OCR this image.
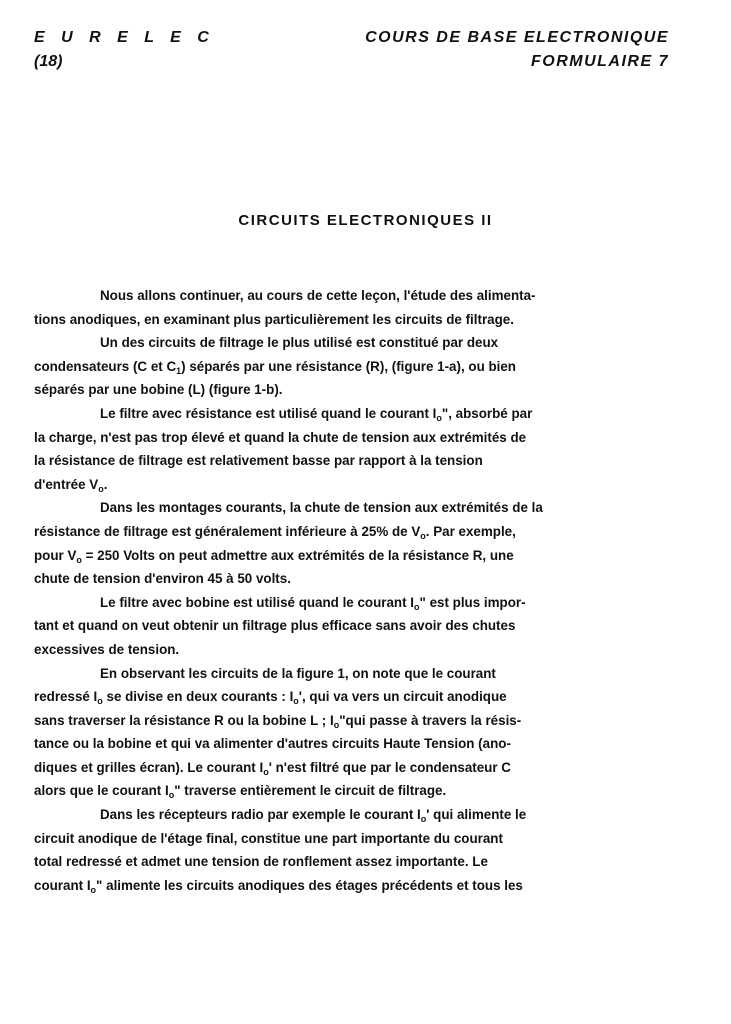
E U R E L E C
(18)
COURS DE BASE ELECTRONIQUE
FORMULAIRE 7
CIRCUITS ELECTRONIQUES II
Nous allons continuer, au cours de cette leçon, l'étude des alimenta-
tions anodiques, en examinant plus particulièrement les circuits de filtrage.
Un des circuits de filtrage le plus utilisé est constitué par deux
condensateurs (C et $C_1$) séparés par une résistance (R), (figure 1-a), ou bien
séparés par une bobine (L) (figure 1-b).
Le filtre avec résistance est utilisé quand le courant $I_o$", absorbé par
la charge, n'est pas trop élevé et quand la chute de tension aux extrémités de
la résistance de filtrage est relativement basse par rapport à la tension
d'entrée $V_o$.
Dans les montages courants, la chute de tension aux extrémités de la
résistance de filtrage est généralement inférieure à 25% de $V_o$. Par exemple,
pour $V_o = 250$ Volts on peut admettre aux extrémités de la résistance R, une
chute de tension d'environ 45 à 50 volts.
Le filtre avec bobine est utilisé quand le courant $I_o$" est plus impor-
tant et quand on veut obtenir un filtrage plus efficace sans avoir des chutes
excessives de tension.
En observant les circuits de la figure 1, on note que le courant
redressé $I_o$ se divise en deux courants : $I_o'$, qui va vers un circuit anodique
sans traverser la résistance R ou la bobine L ; $I_o"qui$ passe à travers la résis-
tance ou la bobine et qui va alimenter d'autres circuits Haute Tension (ano-
diques et grilles écran). Le courant $I_o'$ n'est filtré que par le condensateur C
alors que le courant $I_o$" traverse entièrement le circuit de filtrage.
Dans les récepteurs radio par exemple le courant $I_o'$ qui alimente le
circuit anodique de l'étage final, constitue une part importante du courant
total redressé et admet une tension de ronflement assez importante. Le
courant $I_o$" alimente les circuits anodiques des étages précédents et tous les
